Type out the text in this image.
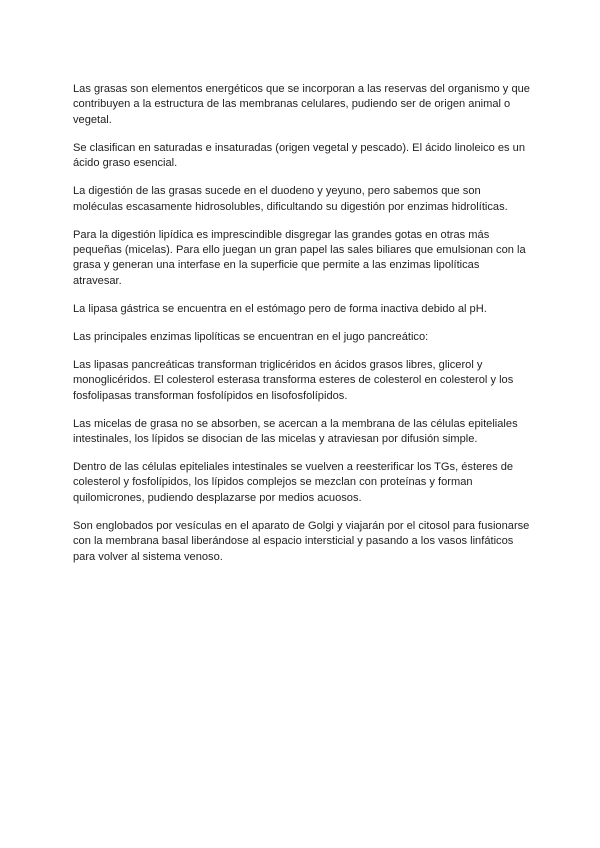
Las grasas son elementos energéticos que se incorporan a las reservas del organismo y que contribuyen a la estructura de las membranas celulares, pudiendo ser de origen animal o vegetal.

Se clasifican en saturadas e insaturadas (origen vegetal y pescado). El ácido linoleico es un ácido graso esencial.

La digestión de las grasas sucede en el duodeno y yeyuno, pero sabemos que son moléculas escasamente hidrosolubles, dificultando su digestión por enzimas hidrolíticas.

Para la digestión lipídica es imprescindible disgregar las grandes gotas en otras más pequeñas (micelas). Para ello juegan un gran papel las sales biliares que emulsionan con la grasa y generan una interfase en la superficie que permite a las enzimas lipolíticas atravesar.

La lipasa gástrica se encuentra en el estómago pero de forma inactiva debido al pH.

Las principales enzimas lipolíticas se encuentran en el jugo pancreático:

Las lipasas pancreáticas transforman triglicéridos en ácidos grasos libres, glicerol y monoglicéridos. El colesterol esterasa transforma esteres de colesterol en colesterol y los fosfolipasas transforman fosfolípidos en lisofosfolípidos.

Las micelas de grasa no se absorben, se acercan a la membrana de las células epiteliales intestinales, los lípidos se disocian de las micelas y atraviesan por difusión simple.

Dentro de las células epiteliales intestinales se vuelven a reesterificar los TGs, ésteres de colesterol y fosfolípidos, los lípidos complejos se mezclan con proteínas y forman quilomicrones, pudiendo desplazarse por medios acuosos.

Son englobados por vesículas en el aparato de Golgi y viajarán por el citosol para fusionarse con la membrana basal liberándose al espacio intersticial y pasando a los vasos linfáticos para volver al sistema venoso.
